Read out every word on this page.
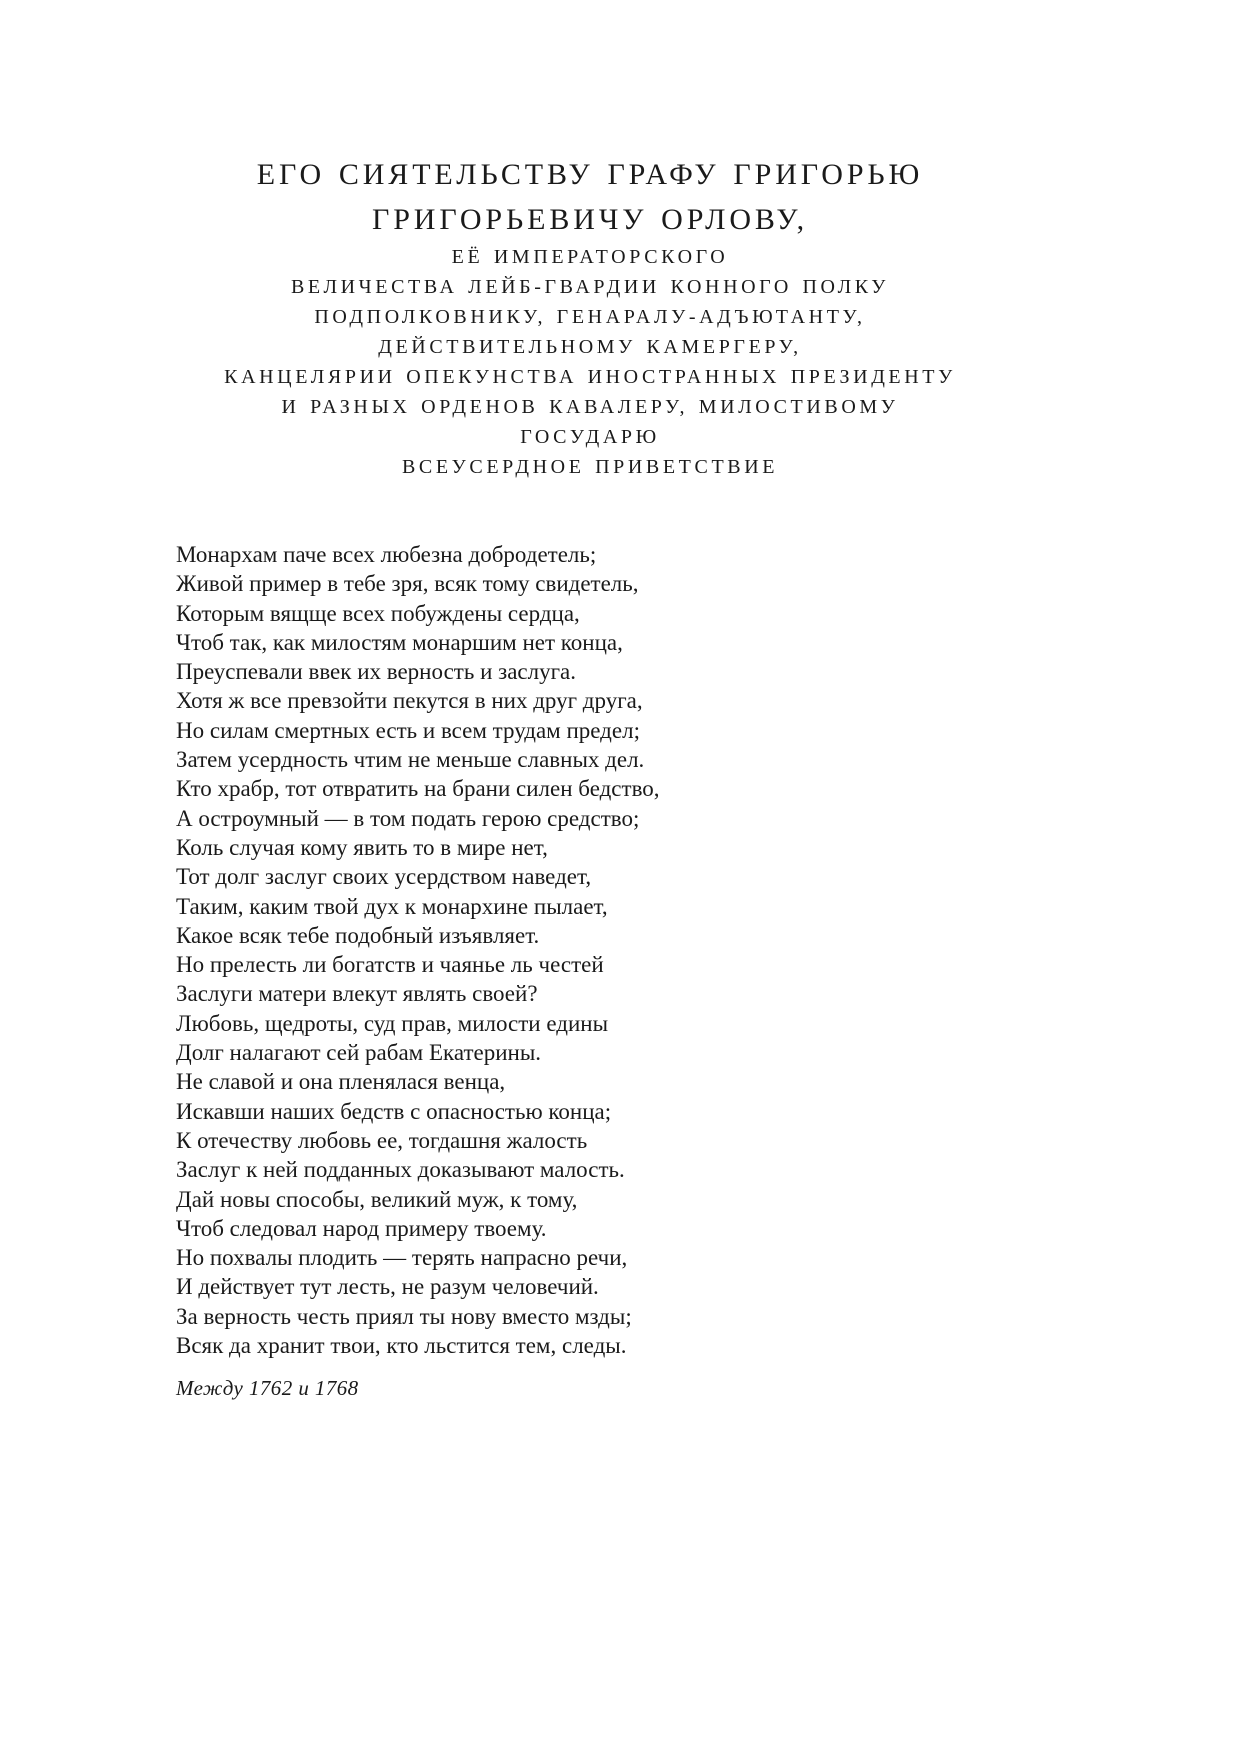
ЕГО СИЯТЕЛЬСТВУ ГРАФУ ГРИГОРЬЮ
ГРИГОРЬЕВИЧУ ОРЛОВУ,
ЕЁ ИМПЕРАТОРСКОГО
ВЕЛИЧЕСТВА ЛЕЙБ-ГВАРДИИ КОННОГО ПОЛКУ
ПОДПОЛКОВНИКУ, ГЕНАРАЛУ-АДЪЮТАНТУ,
ДЕЙСТВИТЕЛЬНОМУ КАМЕРГЕРУ,
КАНЦЕЛЯРИИ ОПЕКУНСТВА ИНОСТРАННЫХ ПРЕЗИДЕНТУ
И РАЗНЫХ ОРДЕНОВ КАВАЛЕРУ, МИЛОСТИВОМУ
ГОСУДАРЮ
ВСЕУСЕРДНОЕ ПРИВЕТСТВИЕ
Монархам паче всех любезна добродетель;
Живой пример в тебе зря, всяк тому свидетель,
Которым вящще всех побуждены сердца,
Чтоб так, как милостям монаршим нет конца,
Преуспевали ввек их верность и заслуга.
Хотя ж все превзойти пекутся в них друг друга,
Но силам смертных есть и всем трудам предел;
Затем усердность чтим не меньше славных дел.
Кто храбр, тот отвратить на брани силен бедство,
А остроумный — в том подать герою средство;
Коль случая кому явить то в мире нет,
Тот долг заслуг своих усердством наведет,
Таким, каким твой дух к монархине пылает,
Какое всяк тебе подобный изъявляет.
Но прелесть ли богатств и чаянье ль честей
Заслуги матери влекут являть своей?
Любовь, щедроты, суд прав, милости едины
Долг налагают сей рабам Екатерины.
Не славой и она пленялася венца,
Искавши наших бедств с опасностью конца;
К отечеству любовь ее, тогдашня жалость
Заслуг к ней подданных доказывают малость.
Дай новы способы, великий муж, к тому,
Чтоб следовал народ примеру твоему.
Но похвалы плодить — терять напрасно речи,
И действует тут лесть, не разум человечий.
За верность честь приял ты нову вместо мзды;
Всяк да хранит твои, кто льстится тем, следы.
Между 1762 и 1768
